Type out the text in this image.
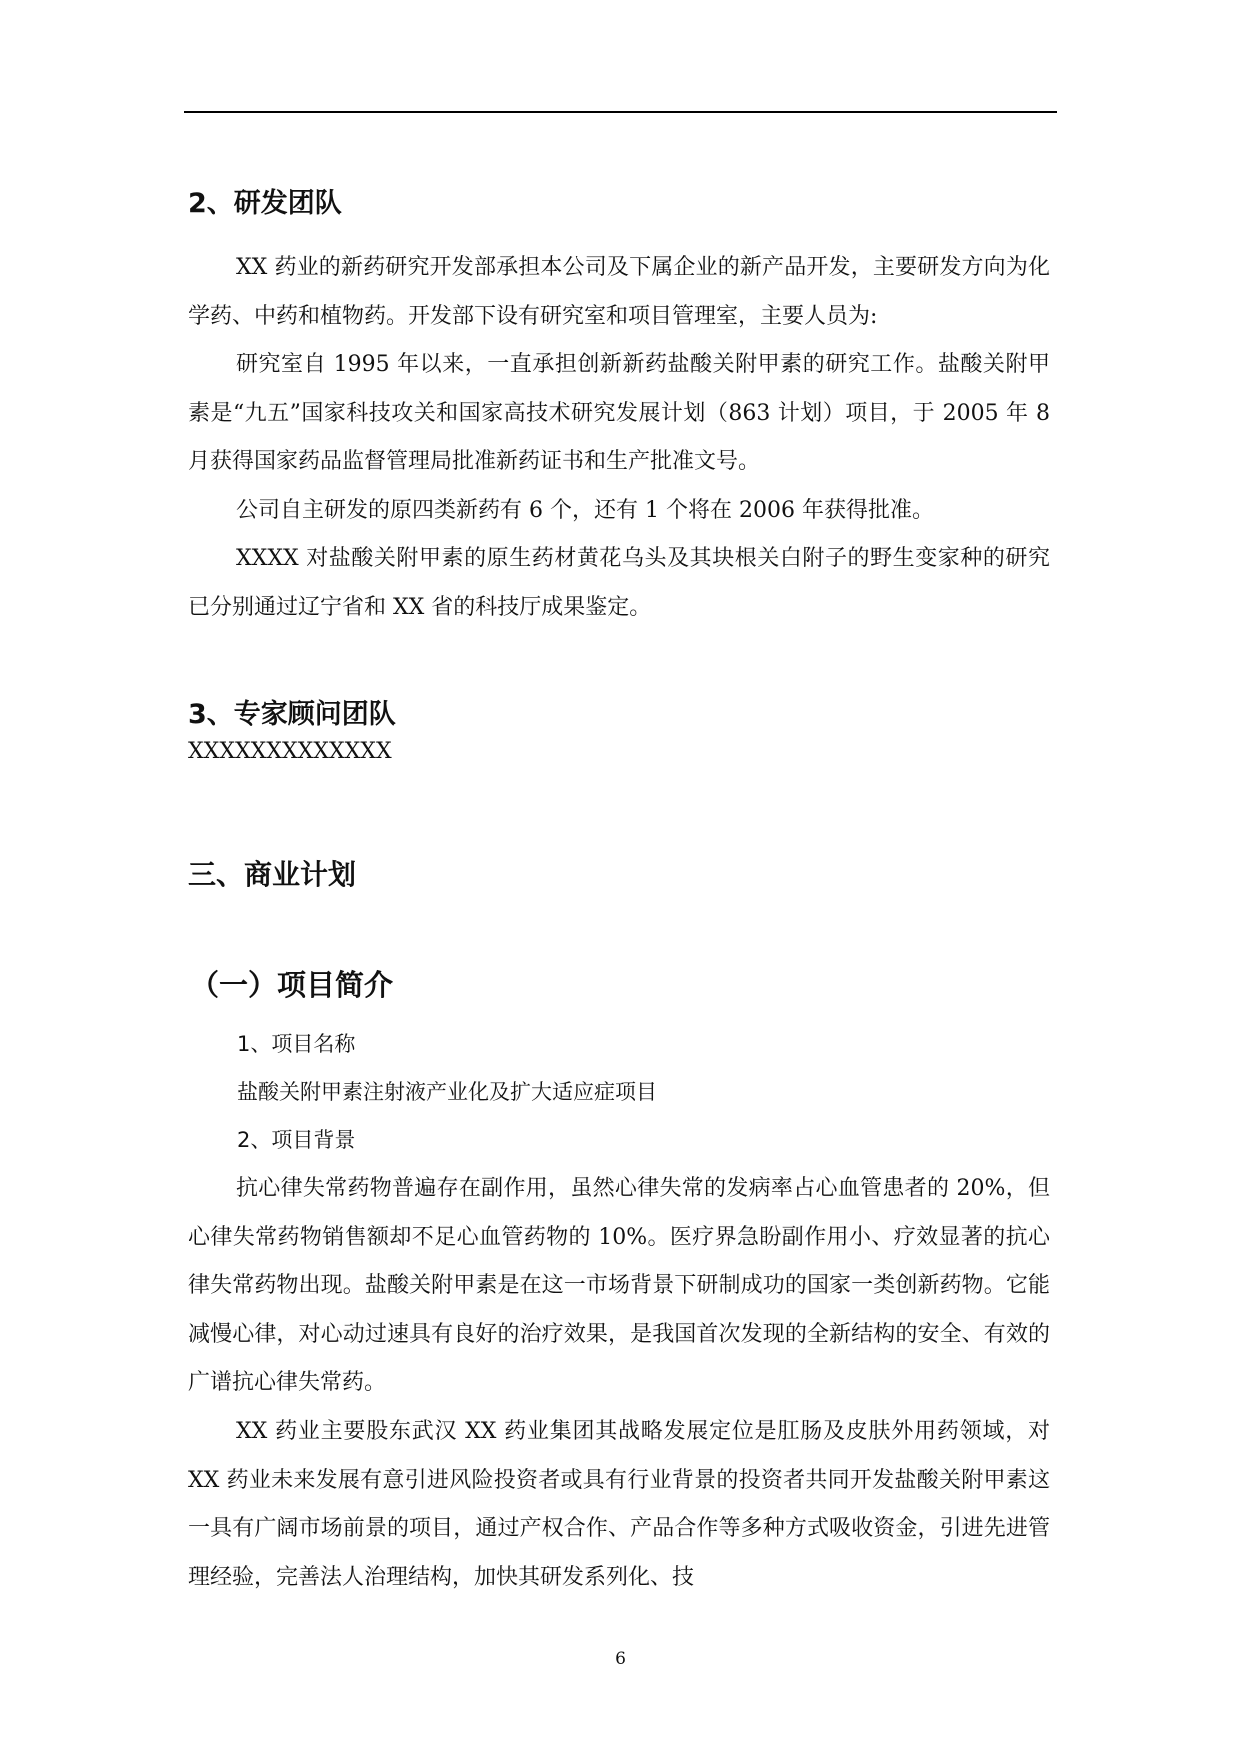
2、研发团队

XX 药业的新药研究开发部承担本公司及下属企业的新产品开发，主要研发方向为化学药、中药和植物药。开发部下设有研究室和项目管理室，主要人员为:

研究室自 1995 年以来，一直承担创新新药盐酸关附甲素的研究工作。盐酸关附甲素是“九五”国家科技攻关和国家高技术研究发展计划（863 计划）项目，于 2005 年 8 月获得国家药品监督管理局批准新药证书和生产批准文号。

公司自主研发的原四类新药有 6 个，还有 1 个将在 2006 年获得批准。

XXXX 对盐酸关附甲素的原生药材黄花乌头及其块根关白附子的野生变家种的研究已分别通过辽宁省和 XX 省的科技厅成果鉴定。

3、专家顾问团队

XXXXXXXXXXXXX

三、商业计划
（一）项目简介
1、项目名称
盐酸关附甲素注射液产业化及扩大适应症项目
2、项目背景

抗心律失常药物普遍存在副作用，虽然心律失常的发病率占心血管患者的 20%，但心律失常药物销售额却不足心血管药物的 10%。医疗界急盼副作用小、疗效显著的抗心律失常药物出现。盐酸关附甲素是在这一市场背景下研制成功的国家一类创新药物。它能减慢心律，对心动过速具有良好的治疗效果，是我国首次发现的全新结构的安全、有效的广谱抗心律失常药。

XX 药业主要股东武汉 XX 药业集团其战略发展定位是肛肠及皮肤外用药领域，对 XX 药业未来发展有意引进风险投资者或具有行业背景的投资者共同开发盐酸关附甲素这一具有广阔市场前景的项目，通过产权合作、产品合作等多种方式吸收资金，引进先进管理经验，完善法人治理结构，加快其研发系列化、技

6
